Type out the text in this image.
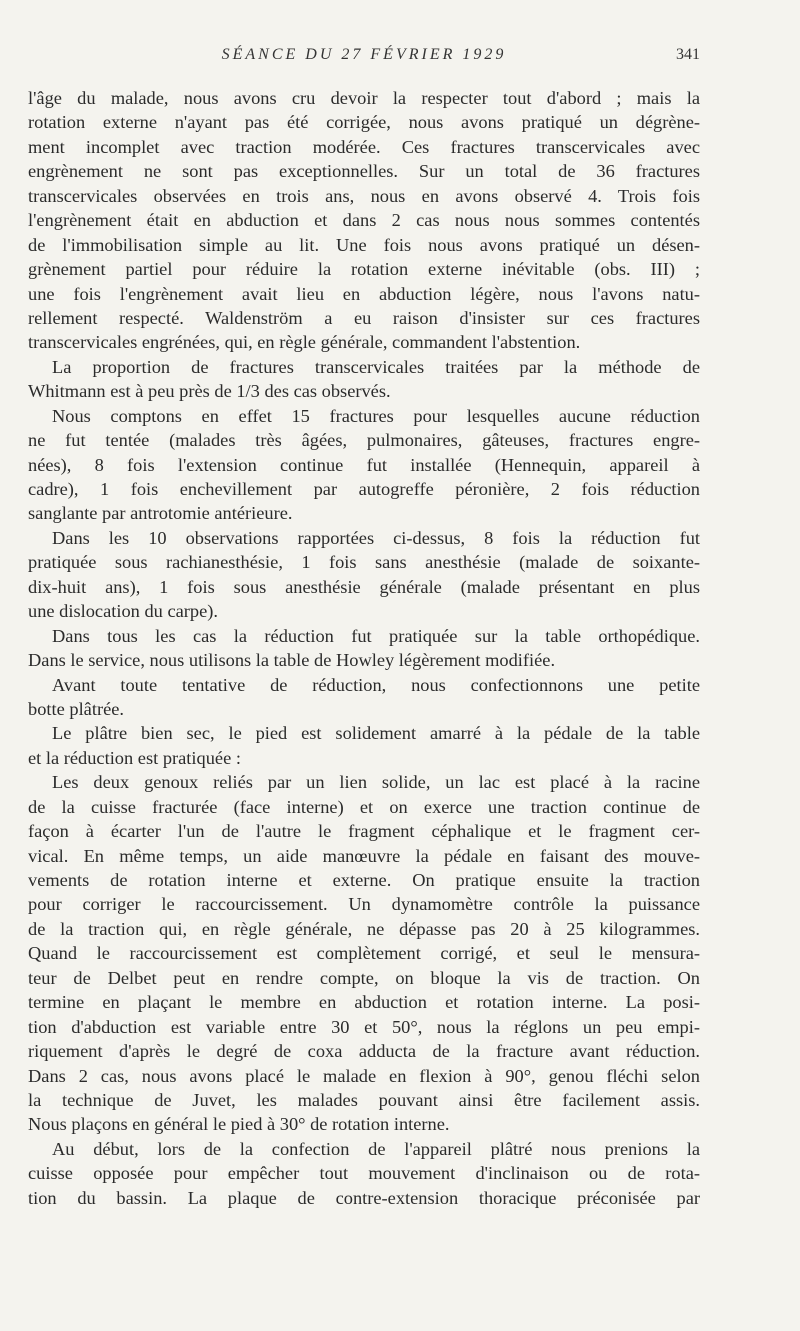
SÉANCE DU 27 FÉVRIER 1929	341
l'âge du malade, nous avons cru devoir la respecter tout d'abord ; mais la
rotation externe n'ayant pas été corrigée, nous avons pratiqué un dégrène-
ment incomplet avec traction modérée. Ces fractures transcervicales avec
engrènement ne sont pas exceptionnelles. Sur un total de 36 fractures
transcervicales observées en trois ans, nous en avons observé 4. Trois fois
l'engrènement était en abduction et dans 2 cas nous nous sommes contentés
de l'immobilisation simple au lit. Une fois nous avons pratiqué un désen-
grènement partiel pour réduire la rotation externe inévitable (obs. III) ;
une fois l'engrènement avait lieu en abduction légère, nous l'avons natu-
rellement respecté. Waldenström a eu raison d'insister sur ces fractures
transcervicales engrénées, qui, en règle générale, commandent l'abstention.
La proportion de fractures transcervicales traitées par la méthode de
Whitmann est à peu près de 1/3 des cas observés.
Nous comptons en effet 15 fractures pour lesquelles aucune réduction
ne fut tentée (malades très âgées, pulmonaires, gâteuses, fractures engre-
nées), 8 fois l'extension continue fut installée (Hennequin, appareil à
cadre), 1 fois enchevillement par autogreffe péronière, 2 fois réduction
sanglante par antrotomie antérieure.
Dans les 10 observations rapportées ci-dessus, 8 fois la réduction fut
pratiquée sous rachianesthésie, 1 fois sans anesthésie (malade de soixante-
dix-huit ans), 1 fois sous anesthésie générale (malade présentant en plus
une dislocation du carpe).
Dans tous les cas la réduction fut pratiquée sur la table orthopédique.
Dans le service, nous utilisons la table de Howley légèrement modifiée.
Avant toute tentative de réduction, nous confectionnons une petite
botte plâtrée.
Le plâtre bien sec, le pied est solidement amarré à la pédale de la table
et la réduction est pratiquée :
Les deux genoux reliés par un lien solide, un lac est placé à la racine
de la cuisse fracturée (face interne) et on exerce une traction continue de
façon à écarter l'un de l'autre le fragment céphalique et le fragment cer-
vical. En même temps, un aide manœuvre la pédale en faisant des mouve-
vements de rotation interne et externe. On pratique ensuite la traction
pour corriger le raccourcissement. Un dynamomètre contrôle la puissance
de la traction qui, en règle générale, ne dépasse pas 20 à 25 kilogrammes.
Quand le raccourcissement est complètement corrigé, et seul le mensura-
teur de Delbet peut en rendre compte, on bloque la vis de traction. On
termine en plaçant le membre en abduction et rotation interne. La posi-
tion d'abduction est variable entre 30 et 50°, nous la réglons un peu empi-
riquement d'après le degré de coxa adducta de la fracture avant réduction.
Dans 2 cas, nous avons placé le malade en flexion à 90°, genou fléchi selon
la technique de Juvet, les malades pouvant ainsi être facilement assis.
Nous plaçons en général le pied à 30° de rotation interne.
Au début, lors de la confection de l'appareil plâtré nous prenions la
cuisse opposée pour empêcher tout mouvement d'inclinaison ou de rota-
tion du bassin. La plaque de contre-extension thoracique préconisée par
